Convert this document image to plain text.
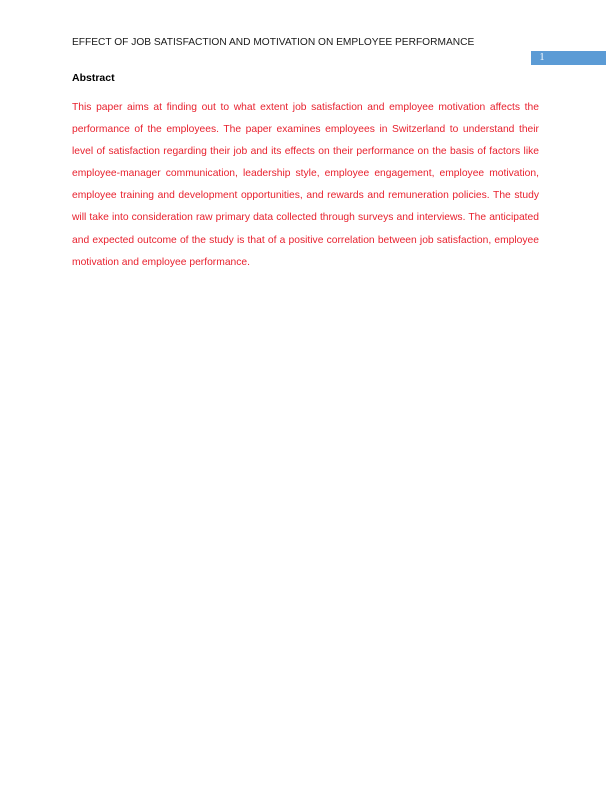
EFFECT OF JOB SATISFACTION AND MOTIVATION ON EMPLOYEE PERFORMANCE
1
Abstract

This paper aims at finding out to what extent job satisfaction and employee motivation affects the performance of the employees. The paper examines employees in Switzerland to understand their level of satisfaction regarding their job and its effects on their performance on the basis of factors like employee-manager communication, leadership style, employee engagement, employee motivation, employee training and development opportunities, and rewards and remuneration policies. The study will take into consideration raw primary data collected through surveys and interviews. The anticipated and expected outcome of the study is that of a positive correlation between job satisfaction, employee motivation and employee performance.
